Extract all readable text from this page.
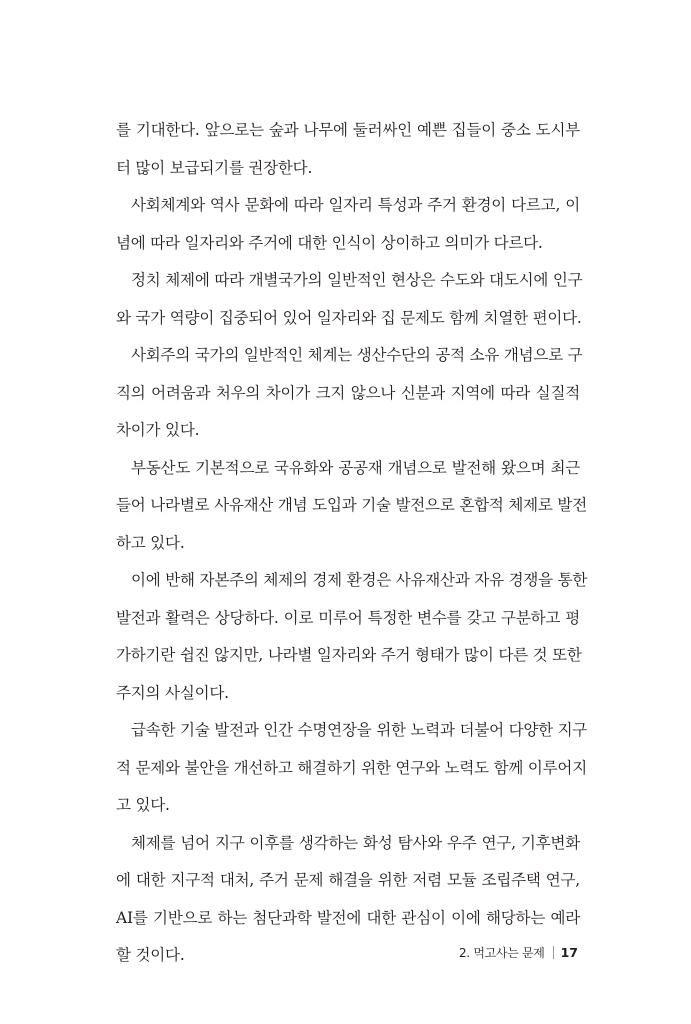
를 기대한다. 앞으로는 숲과 나무에 둘러싸인 예쁜 집들이 중소 도시부
터 많이 보급되기를 권장한다.
사회체계와 역사 문화에 따라 일자리 특성과 주거 환경이 다르고, 이
념에 따라 일자리와 주거에 대한 인식이 상이하고 의미가 다르다.
정치 체제에 따라 개별국가의 일반적인 현상은 수도와 대도시에 인구
와 국가 역량이 집중되어 있어 일자리와 집 문제도 함께 치열한 편이다.
사회주의 국가의 일반적인 체계는 생산수단의 공적 소유 개념으로 구
직의 어려움과 처우의 차이가 크지 않으나 신분과 지역에 따라 실질적
차이가 있다.
부동산도 기본적으로 국유화와 공공재 개념으로 발전해 왔으며 최근
들어 나라별로 사유재산 개념 도입과 기술 발전으로 혼합적 체제로 발전
하고 있다.
이에 반해 자본주의 체제의 경제 환경은 사유재산과 자유 경쟁을 통한
발전과 활력은 상당하다. 이로 미루어 특정한 변수를 갖고 구분하고 평
가하기란 쉽진 않지만, 나라별 일자리와 주거 형태가 많이 다른 것 또한
주지의 사실이다.
급속한 기술 발전과 인간 수명연장을 위한 노력과 더불어 다양한 지구
적 문제와 불안을 개선하고 해결하기 위한 연구와 노력도 함께 이루어지
고 있다.
체제를 넘어 지구 이후를 생각하는 화성 탐사와 우주 연구, 기후변화
에 대한 지구적 대처, 주거 문제 해결을 위한 저렴 모듈 조립주택 연구,
AI를 기반으로 하는 첨단과학 발전에 대한 관심이 이에 해당하는 예라
할 것이다.	2. 먹고사는 문제 17
